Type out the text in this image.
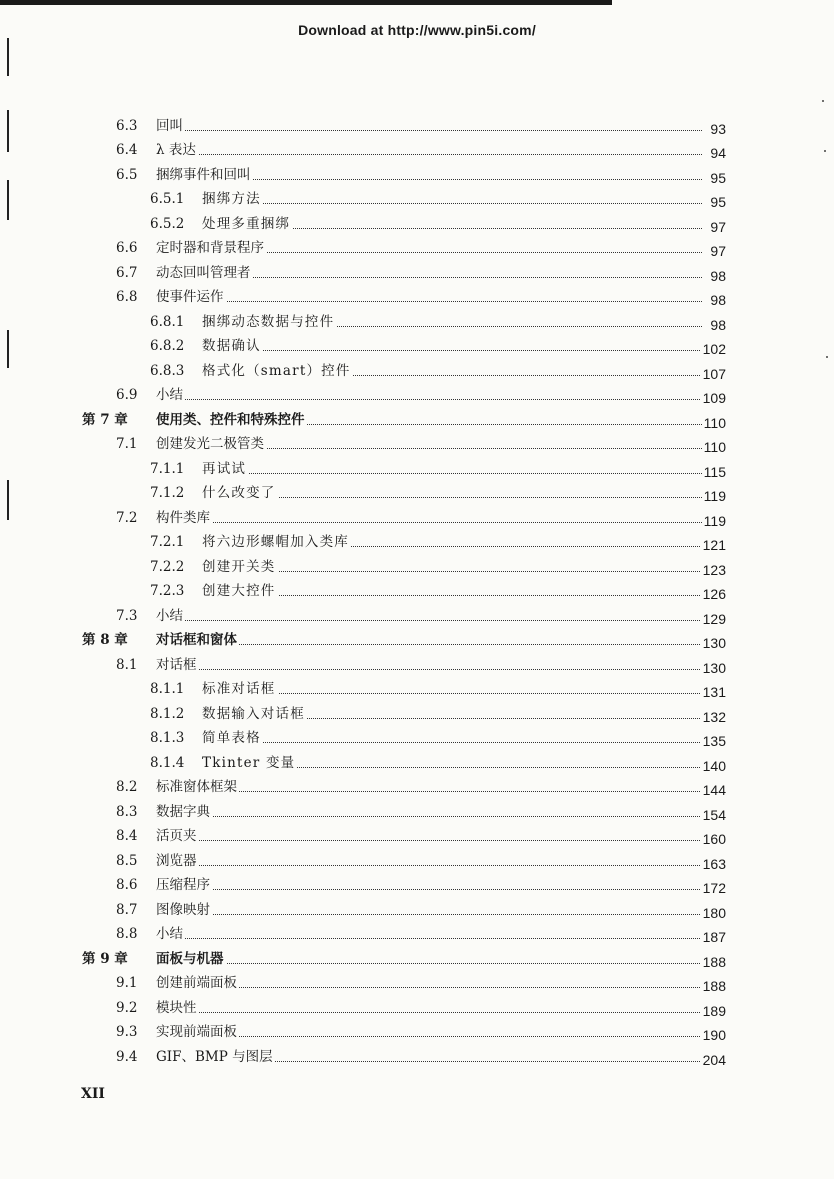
Download at http://www.pin5i.com/
6.3 回叫	93
6.4 λ 表达	94
6.5 捆绑事件和回叫	95
6.5.1 捆绑方法	95
6.5.2 处理多重捆绑	97
6.6 定时器和背景程序	97
6.7 动态回叫管理者	98
6.8 使事件运作	98
6.8.1 捆绑动态数据与控件	98
6.8.2 数据确认	102
6.8.3 格式化（smart）控件	107
6.9 小结	109
第 7 章 使用类、控件和特殊控件	110
7.1 创建发光二极管类	110
7.1.1 再试试	115
7.1.2 什么改变了	119
7.2 构件类库	119
7.2.1 将六边形螺帽加入类库	121
7.2.2 创建开关类	123
7.2.3 创建大控件	126
7.3 小结	129
第 8 章 对话框和窗体	130
8.1 对话框	130
8.1.1 标准对话框	131
8.1.2 数据输入对话框	132
8.1.3 简单表格	135
8.1.4 Tkinter 变量	140
8.2 标准窗体框架	144
8.3 数据字典	154
8.4 活页夹	160
8.5 浏览器	163
8.6 压缩程序	172
8.7 图像映射	180
8.8 小结	187
第 9 章 面板与机器	188
9.1 创建前端面板	188
9.2 模块性	189
9.3 实现前端面板	190
9.4 GIF、BMP 与图层	204
XII
